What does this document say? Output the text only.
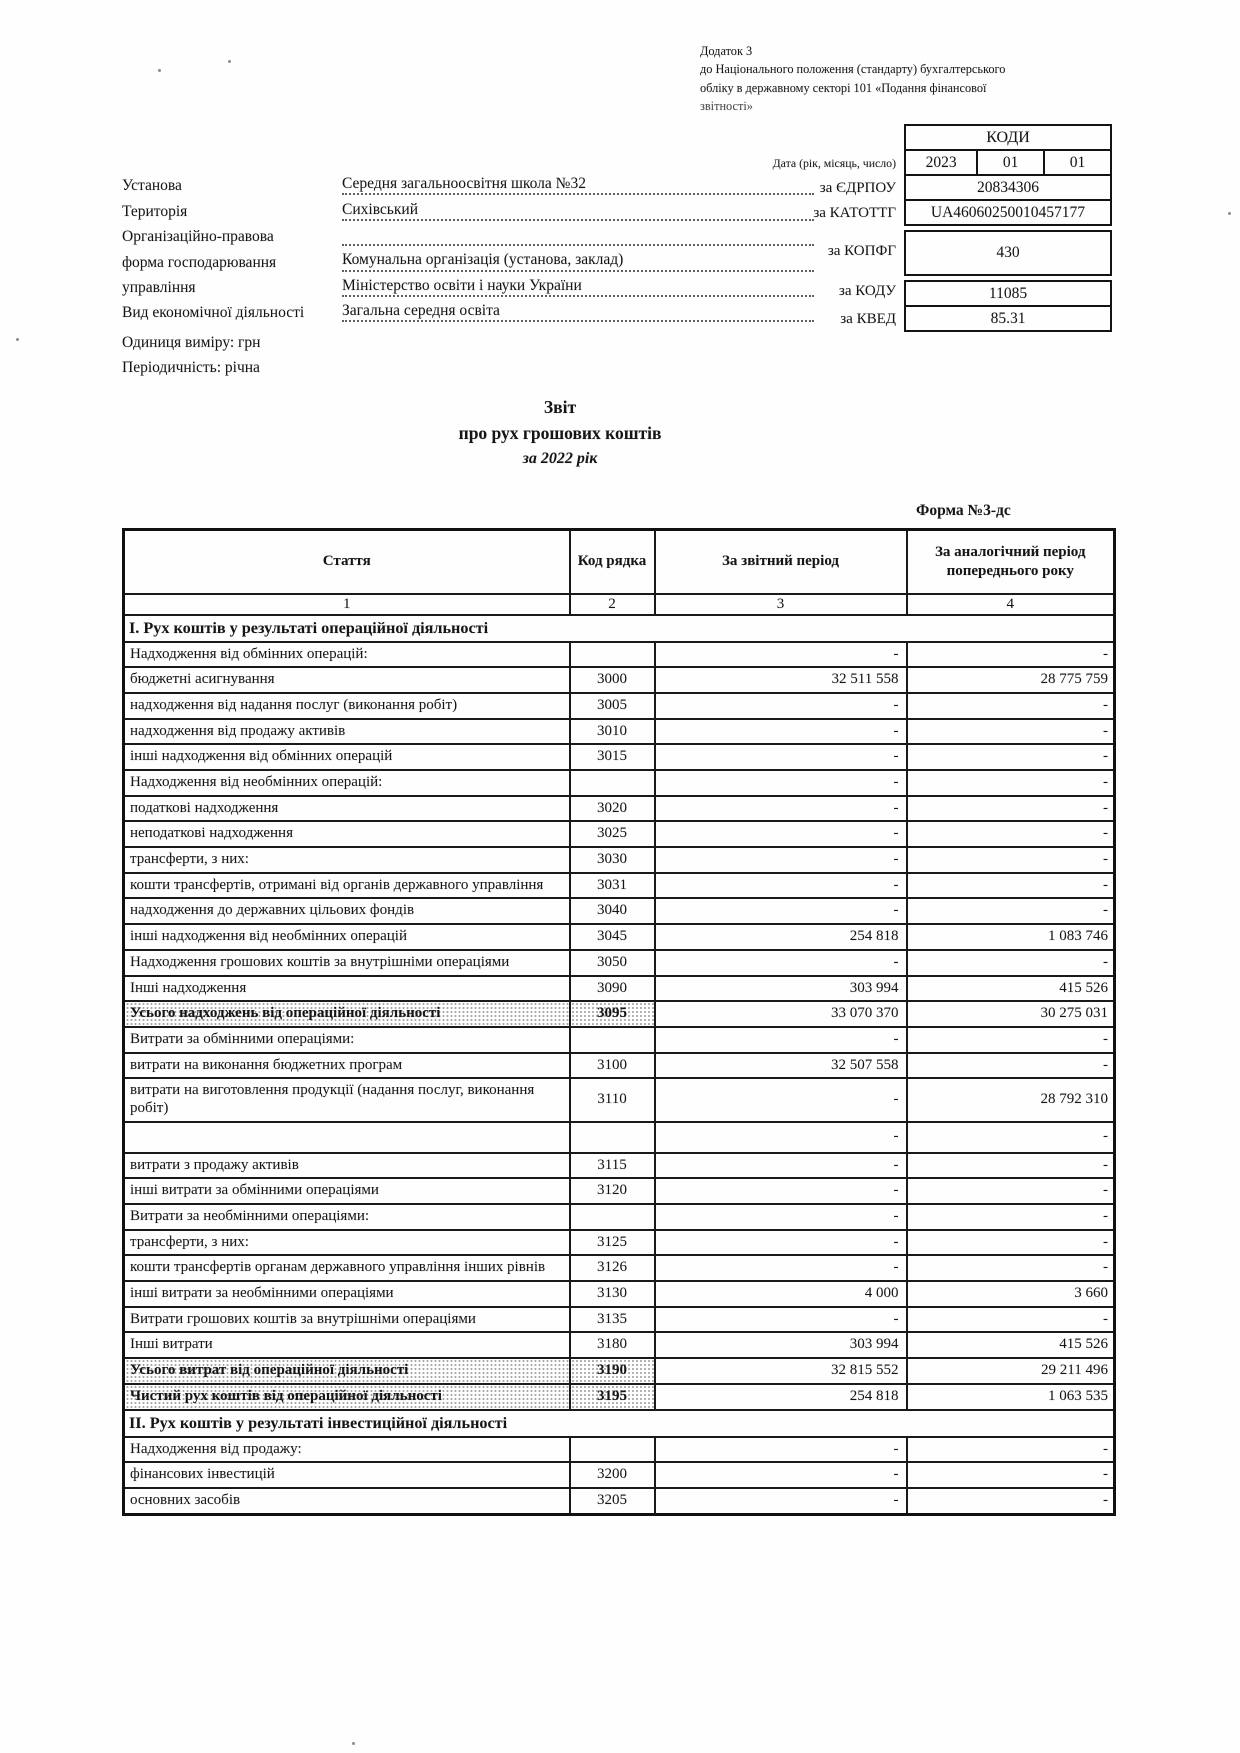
Додаток 3
до Національного положення (стандарту) бухгалтерського
обліку в державному секторі 101 «Подання фінансової
звітності»
КОДИ
Дата (рік, місяць, число)	2023	01	01
за ЄДРПОУ	20834306
за КАТОТТГ	UA46060250010457177
за КОПФГ	430
за КОДУ	11085
за КВЕД	85.31
Установа	Середня загальноосвітня школа №32
Територія	Сихівський
Організаційно-правова

форма господарювання	Комунальна організація (установа, заклад)
управління	Міністерство освіти і науки України
Вид економічної діяльності	Загальна середня освіта
Одиниця виміру: грн
Періодичність: річна
Звіт
про рух грошових коштів
за 2022 рік
Форма №3-дс
Стаття	Код рядка	За звітний період	За аналогічний період попереднього року
1	2	3	4
І. Рух коштів у результаті операційної діяльності			
Надходження від обмінних операцій:		-	-
бюджетні асигнування	3000	32 511 558	28 775 759
надходження від надання послуг (виконання робіт)	3005	-	-
надходження від продажу активів	3010	-	-
інші надходження від обмінних операцій	3015	-	-
Надходження від необмінних операцій:		-	-
податкові надходження	3020	-	-
неподаткові надходження	3025	-	-
трансферти, з них:	3030	-	-
кошти трансфертів, отримані від органів державного управління	3031	-	-
надходження до державних цільових фондів	3040	-	-
інші надходження від необмінних операцій	3045	254 818	1 083 746
Надходження грошових коштів за внутрішніми операціями	3050	-	-
Інші надходження	3090	303 994	415 526
Усього надходжень від операційної діяльності	3095	33 070 370	30 275 031
Витрати за обмінними операціями:		-	-
витрати на виконання бюджетних програм	3100	32 507 558	-
витрати на виготовлення продукції (надання послуг, виконання робіт)	3110	-	28 792 310
		-	-
витрати з продажу активів	3115	-	-
інші витрати за обмінними операціями	3120	-	-
Витрати за необмінними операціями:		-	-
трансферти, з них:	3125	-	-
кошти трансфертів органам державного управління інших рівнів	3126	-	-
інші витрати за необмінними операціями	3130	4 000	3 660
Витрати грошових коштів за внутрішніми операціями	3135	-	-
Інші витрати	3180	303 994	415 526
Усього витрат від операційної діяльності	3190	32 815 552	29 211 496
Чистий рух коштів від операційної діяльності	3195	254 818	1 063 535
ІІ. Рух коштів у результаті інвестиційної діяльності			
Надходження від продажу:		-	-
фінансових інвестицій	3200	-	-
основних засобів	3205	-	-
